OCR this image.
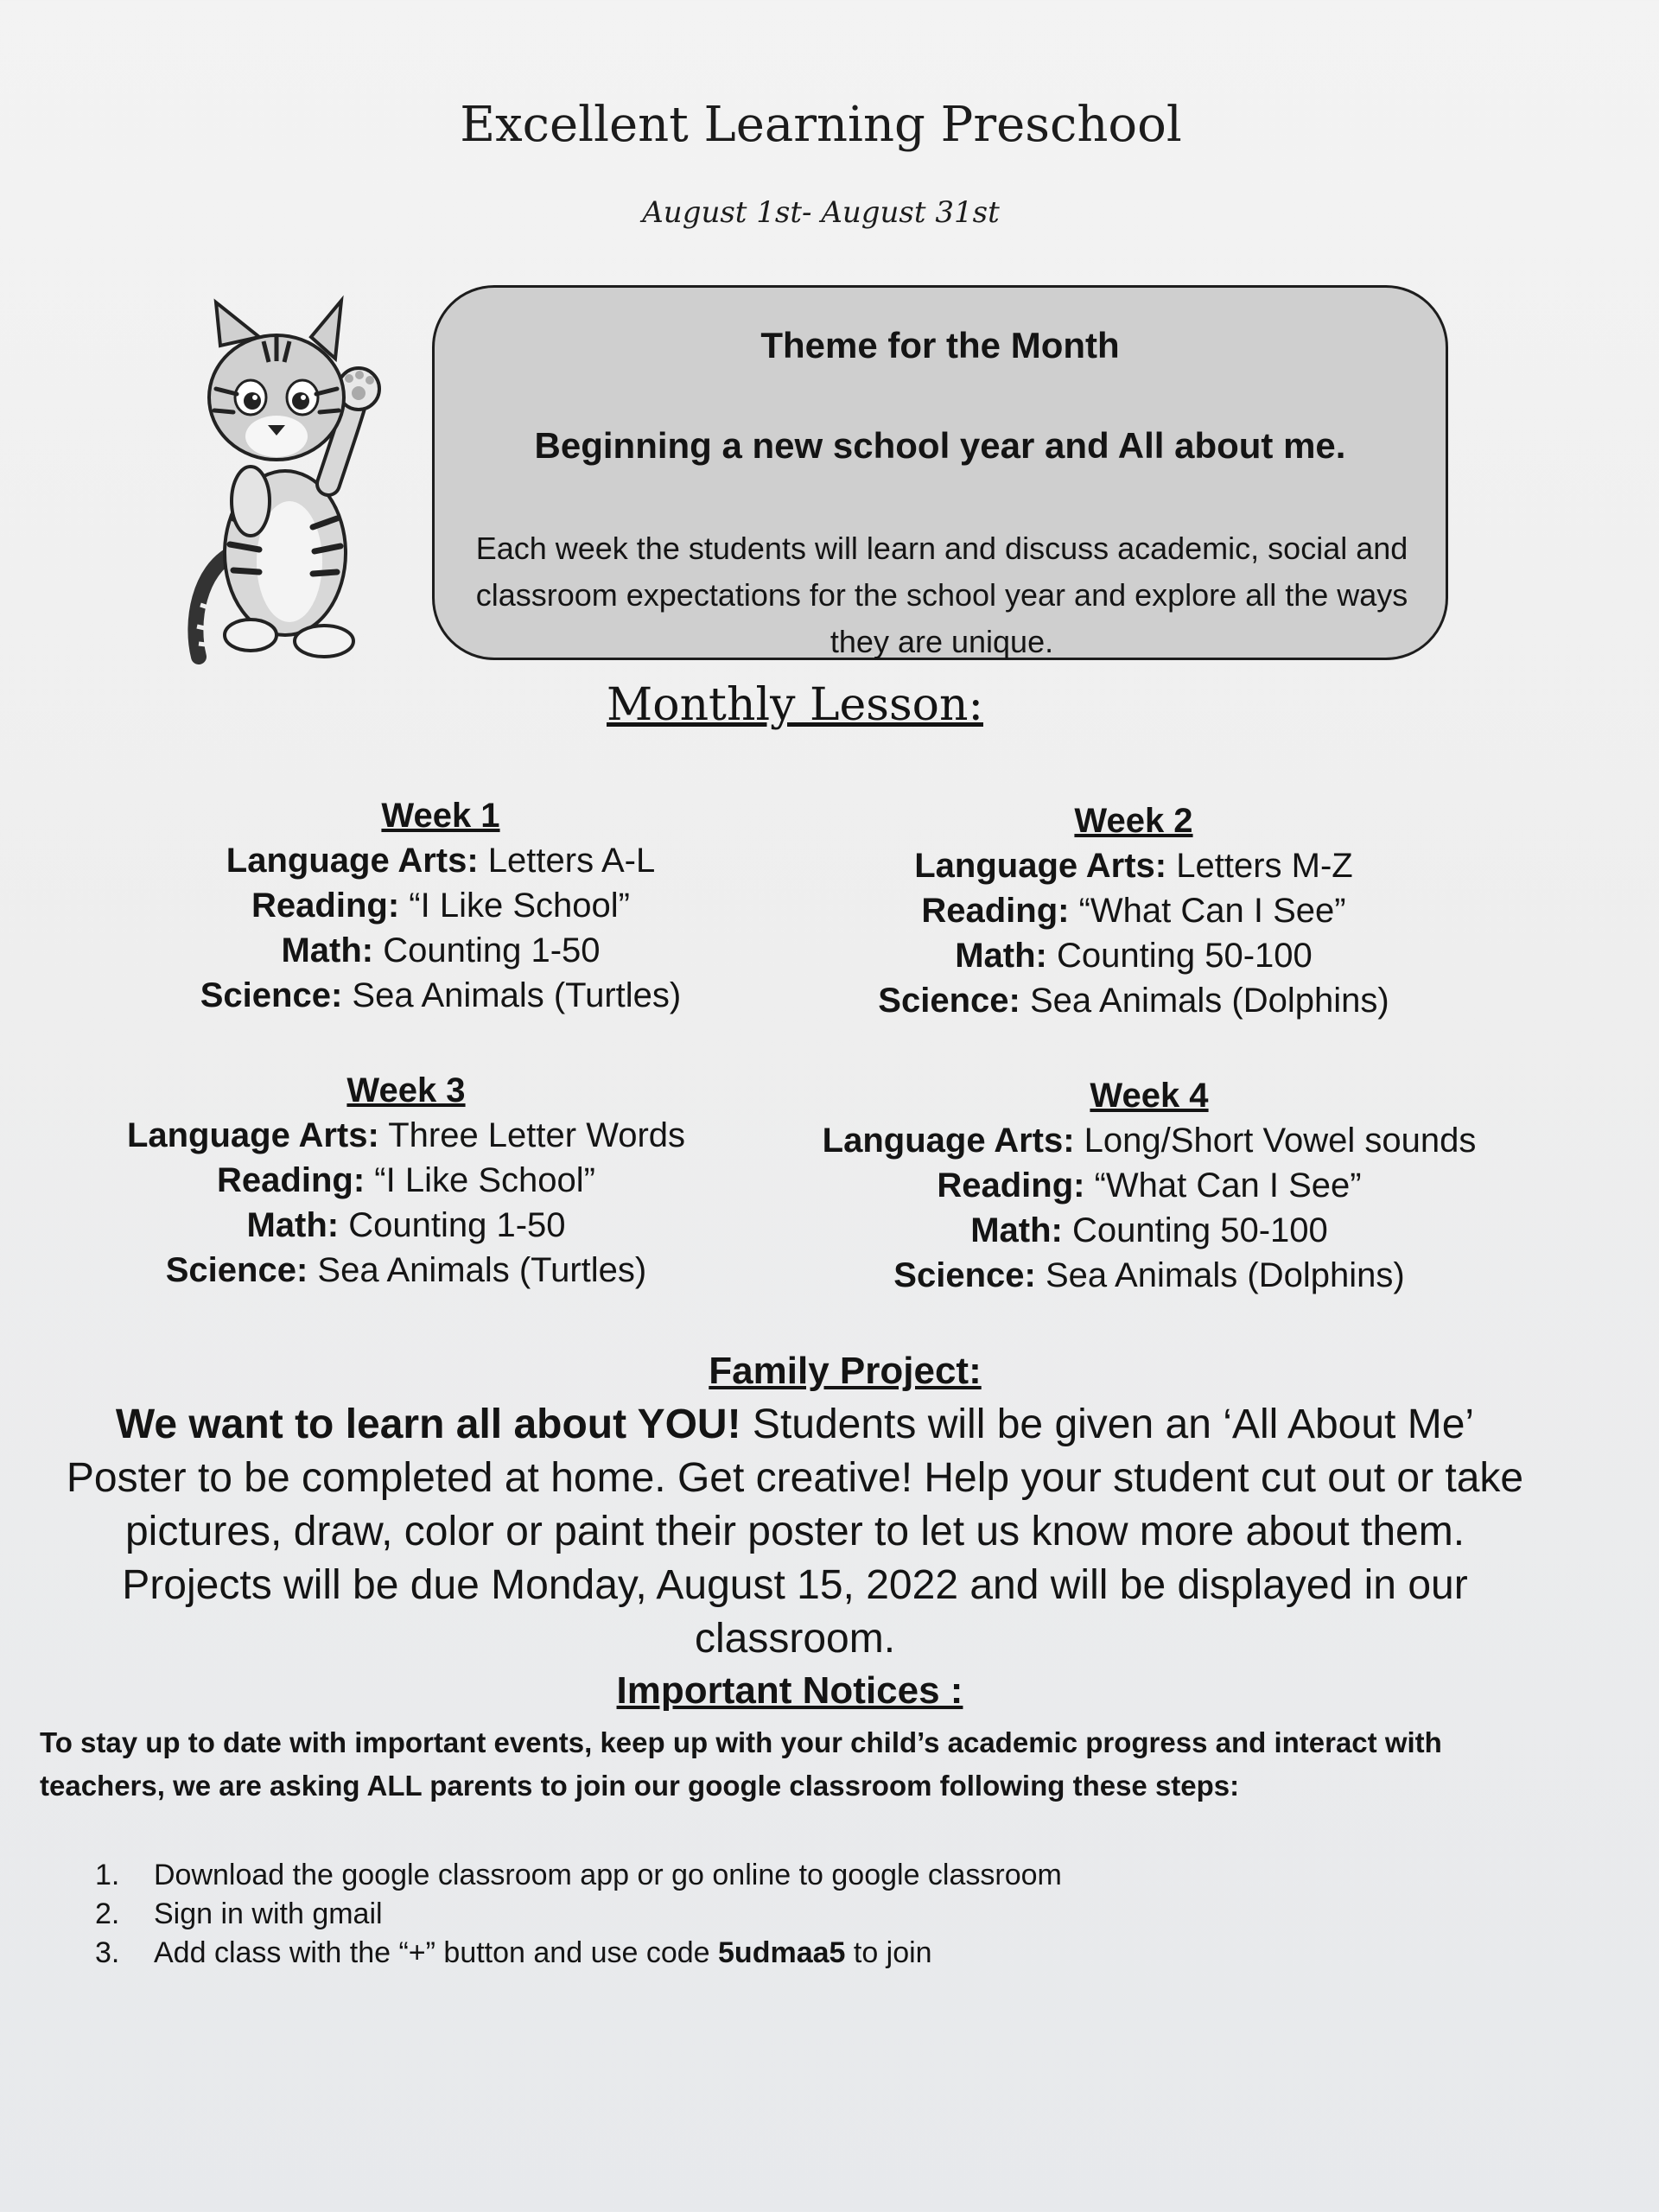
Excellent Learning Preschool
August 1st- August 31st
Theme for the Month
Beginning a new school year and All about me.
Each week the students will learn and discuss academic, social and classroom expectations for the school year and explore all the ways they are unique.
Monthly Lesson:
Week 1
Language Arts: Letters A-L
Reading: “I Like School”
Math: Counting 1-50
Science: Sea Animals (Turtles)
Week 2
Language Arts: Letters M-Z
Reading: “What Can I See”
Math: Counting 50-100
Science: Sea Animals (Dolphins)
Week 3
Language Arts: Three Letter Words
Reading: “I Like School”
Math: Counting 1-50
Science: Sea Animals (Turtles)
Week 4
Language Arts: Long/Short Vowel sounds
Reading: “What Can I See”
Math: Counting 50-100
Science: Sea Animals (Dolphins)
Family Project:
We want to learn all about YOU! Students will be given an ‘All About Me’ Poster to be completed at home. Get creative! Help your student cut out or take pictures, draw, color or paint their poster to let us know more about them. Projects will be due Monday, August 15, 2022 and will be displayed in our classroom.
Important Notices :
To stay up to date with important events, keep up with your child’s academic progress and interact with teachers, we are asking ALL parents to join our google classroom following these steps:
1.	Download the google classroom app or go online to google classroom
2.	Sign in with gmail
3.	Add class with the “+” button and use code 5udmaa5 to join
